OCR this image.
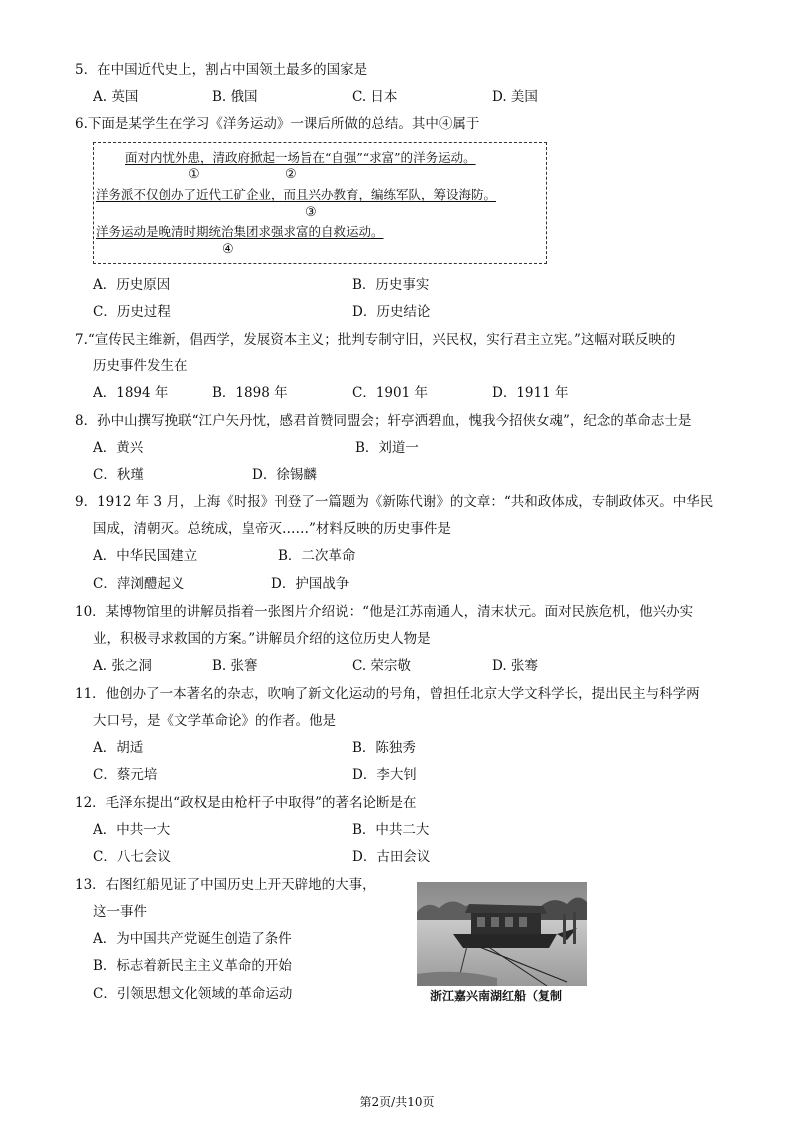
5．在中国近代史上，割占中国领土最多的国家是
A. 英国	B. 俄国	C. 日本	D. 美国
6.下面是某学生在学习《洋务运动》一课后所做的总结。其中④属于
面对内忧外患，清政府掀起一场旨在“自强”“求富”的洋务运动。
①	②
洋务派不仅创办了近代工矿企业，而且兴办教育，编练军队，筹设海防。
③
洋务运动是晚清时期统治集团求强求富的自救运动。
④
A．历史原因	B．历史事实
C．历史过程	D．历史结论
7.“宣传民主维新，倡西学，发展资本主义；批判专制守旧，兴民权，实行君主立宪。”这幅对联反映的
历史事件发生在
A．1894 年	B．1898 年	C．1901 年	D．1911 年
8．孙中山撰写挽联“江户矢丹忱，感君首赞同盟会；轩亭洒碧血，愧我今招侠女魂”，纪念的革命志士是
A．黄兴	B．刘道一
C．秋瑾	D．徐锡麟
9．1912 年 3 月，上海《时报》刊登了一篇题为《新陈代谢》的文章：“共和政体成，专制政体灭。中华民
国成，清朝灭。总统成，皇帝灭……”材料反映的历史事件是
A．中华民国建立	B．二次革命
C．萍浏醴起义	D．护国战争
10．某博物馆里的讲解员指着一张图片介绍说：“他是江苏南通人，清末状元。面对民族危机，他兴办实
业，积极寻求救国的方案。”讲解员介绍的这位历史人物是
A. 张之洞	B. 张謇	C. 荣宗敬	D. 张骞
11．他创办了一本著名的杂志，吹响了新文化运动的号角，曾担任北京大学文科学长，提出民主与科学两
大口号，是《文学革命论》的作者。他是
A．胡适	B．陈独秀
C．蔡元培	D．李大钊
12．毛泽东提出“政权是由枪杆子中取得”的著名论断是在
A．中共一大	B．中共二大
C．八七会议	D．古田会议
13．右图红船见证了中国历史上开天辟地的大事，
这一事件
A．为中国共产党诞生创造了条件
B．标志着新民主主义革命的开始
C．引领思想文化领域的革命运动	浙江嘉兴南湖红船（复制
第2页/共10页
